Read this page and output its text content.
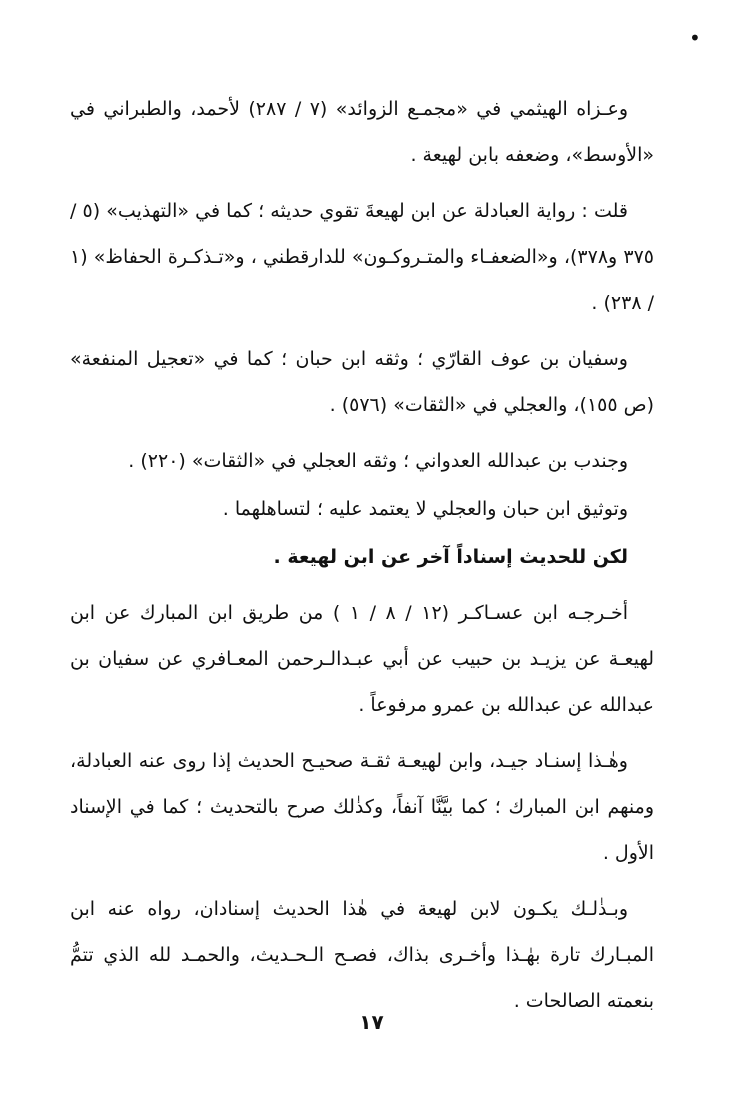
•

وعـزاه الهيثمي في «مجمـع الزوائد» (٧ / ٢٨٧) لأحمد، والطبراني في «الأوسط»، وضعفه بابن لهيعة .

قلت : رواية العبادلة عن ابن لهيعةَ تقوي حديثه ؛ كما في «التهذيب» (٥ / ٣٧٥ و٣٧٨)، و«الضعفـاء والمتـروكـون» للدارقطني ، و«تـذكـرة الحفاظ» (١ / ٢٣٨) .

وسفيان بن عوف القارّي ؛ وثقه ابن حبان ؛ كما في «تعجيل المنفعة» (ص ١٥٥)، والعجلي في «الثقات» (٥٧٦) .

وجندب بن عبدالله العدواني ؛ وثقه العجلي في «الثقات» (٢٢٠) .

وتوثيق ابن حبان والعجلي لا يعتمد عليه ؛ لتساهلهما .

لكن للحديث إسناداً آخر عن ابن لهيعة .

أخـرجـه ابن عسـاكـر (١٢ / ٨ / ١ ) من طريق ابن المبارك عن ابن لهيعـة عن يزيـد بن حبيب عن أبي عبـدالـرحمن المعـافري عن سفيان بن عبدالله عن عبدالله بن عمرو مرفوعاً .

وهٰـذا إسنـاد جيـد، وابن لهيعـة ثقـة صحيـح الحديث إذا روى عنه العبادلة، ومنهم ابن المبارك ؛ كما بيَّنَّا آنفاً، وكذٰلك صرح بالتحديث ؛ كما في الإسناد الأول .

وبـذٰلـك يكـون لابن لهيعة في هٰذا الحديث إسنادان، رواه عنه ابن المبـارك تارة بهٰـذا وأخـرى بذاك، فصـح الـحـديث، والحمـد لله الذي تتمُّ بنعمته الصالحات .

١٧
